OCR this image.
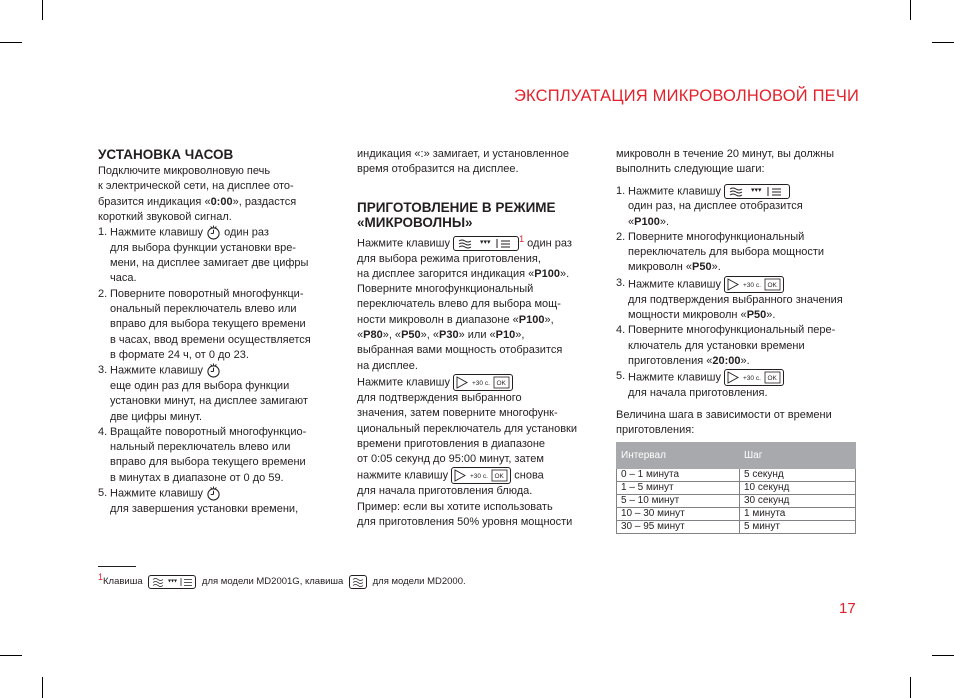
ЭКСПЛУАТАЦИЯ МИКРОВОЛНОВОЙ ПЕЧИ
УСТАНОВКА ЧАСОВ
Подключите микроволновую печь
к электрической сети, на дисплее ото-
бразится индикация «0:00», раздастся
короткий звуковой сигнал.
1. Нажмите клавишу один раз
для выбора функции установки вре-
мени, на дисплее замигает две цифры
часа.
2. Поверните поворотный многофункци-
ональный переключатель влево или
вправо для выбора текущего времени
в часах, ввод времени осуществляется
в формате 24 ч, от 0 до 23.
3. Нажмите клавишу
еще один раз для выбора функции
установки минут, на дисплее замигают
две цифры минут.
4. Вращайте поворотный многофункцио-
нальный переключатель влево или
вправо для выбора текущего времени
в минутах в диапазоне от 0 до 59.
5. Нажмите клавишу
для завершения установки времени,
индикация «:» замигает, и установленное
время отобразится на дисплее.
ПРИГОТОВЛЕНИЕ В РЕЖИМЕ
«МИКРОВОЛНЫ»
Нажмите клавишу	▾▾▾	$^1$ один раз
для выбора режима приготовления,
на дисплее загорится индикация «P100».
Поверните многофункциональный
переключатель влево для выбора мощ-
ности микроволн в диапазоне «P100»,
«P80», «P50», «P30» или «P10»,
выбранная вами мощность отобразится
на дисплее.
Нажмите клавишу	+30 с. OK

для подтверждения выбранного
значения, затем поверните многофунк-
циональный переключатель для установки
времени приготовления в диапазоне
от 0:05 секунд до 95:00 минут, затем
нажмите клавишу	+30 с. OK снова
для начала приготовления блюда.
Пример: если вы хотите использовать
для приготовления 50% уровня мощности
микроволн в течение 20 минут, вы должны
выполнить следующие шаги:
1. Нажмите клавишу	▾▾▾

один раз, на дисплее отобразится
«P100».
2. Поверните многофункциональный
переключатель для выбора мощности
микроволн «P50».
3. Нажмите клавишу	+30 с. OK

для подтверждения выбранного значения
мощности микроволн «P50».
4. Поверните многофункциональный пере-
ключатель для установки времени
приготовления «20:00».
5. Нажмите клавишу	+30 с. OK

для начала приготовления.
Величина шага в зависимости от времени
приготовления:
Интервал	Шаг
0 – 1 минута	5 секунд
1 – 5 минут	10 секунд
5 – 10 минут	30 секунд
10 – 30 минут	1 минута
30 – 95 минут	5 минут
$^1$Клавиша	▾▾▾	для модели MD2001G, клавиша	для модели MD2000.
17
